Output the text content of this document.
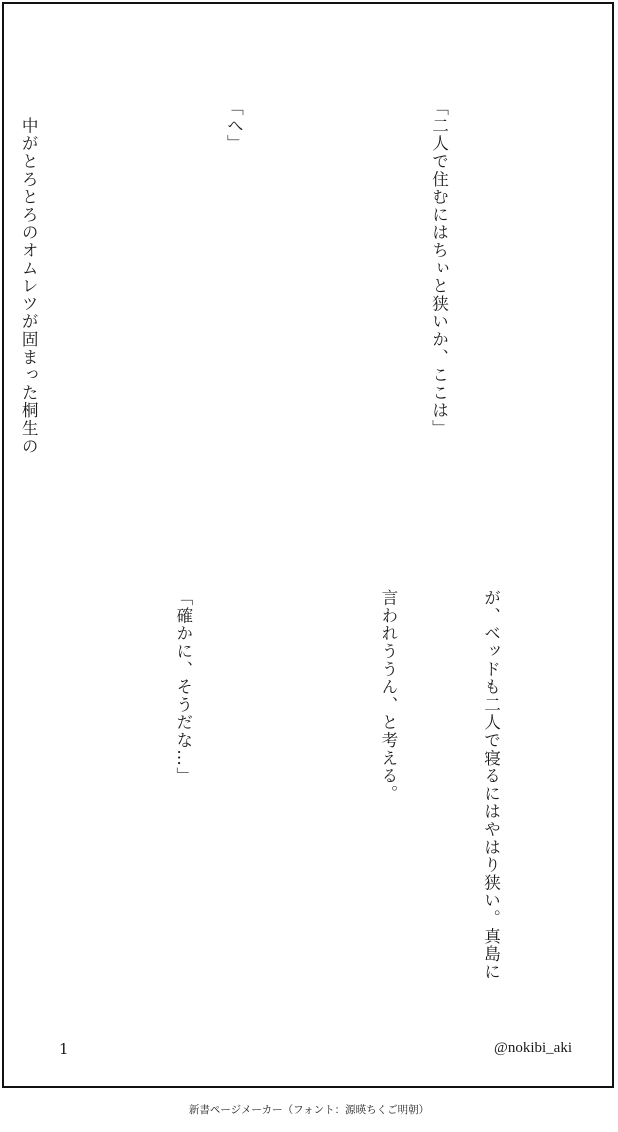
「二人で住むにはちぃと狭いか、ここは」

「へ」

　中がとろとろのオムレツが固まった桐生の

が、ベッドも二人で寝るにはやはり狭い。真島に

言われううん、と考える。

「確かに、そうだな…」

1	@nokibi_aki
新書ページメーカー（フォント：源暎ちくご明朝）
